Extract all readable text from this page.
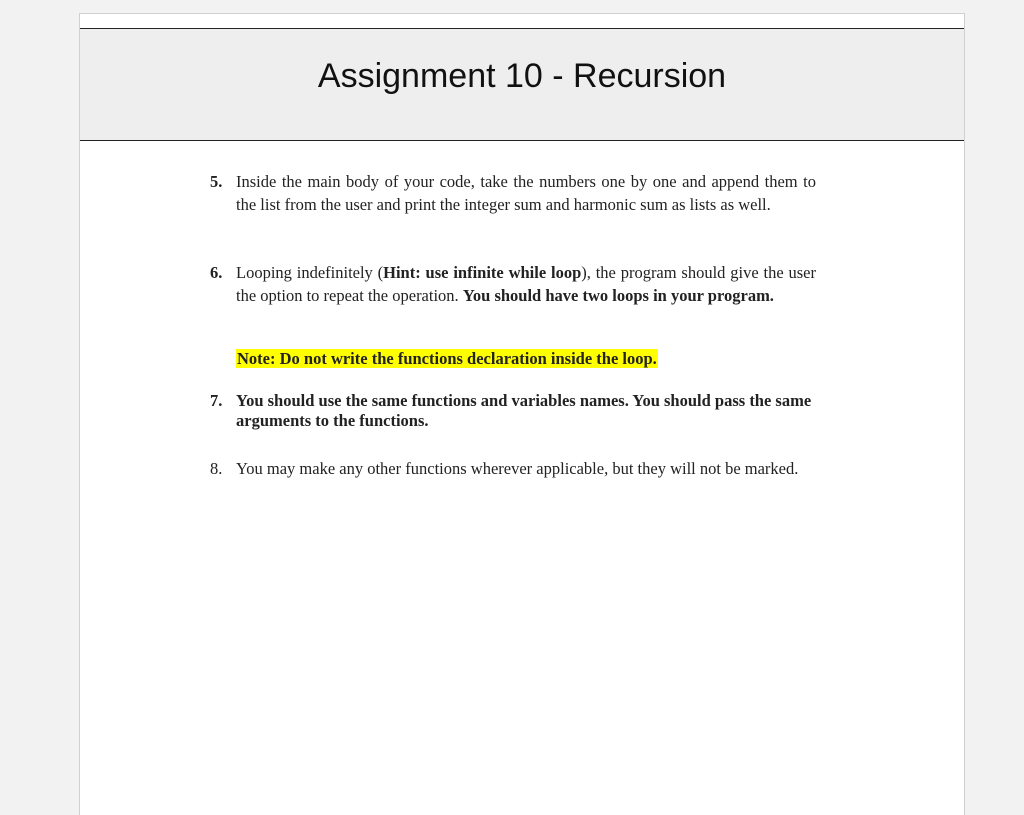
Assignment 10 - Recursion
5. Inside the main body of your code, take the numbers one by one and append them to the list from the user and print the integer sum and harmonic sum as lists as well.
6. Looping indefinitely (Hint: use infinite while loop), the program should give the user the option to repeat the operation. You should have two loops in your program.
Note: Do not write the functions declaration inside the loop.
7. You should use the same functions and variables names. You should pass the same arguments to the functions.
8. You may make any other functions wherever applicable, but they will not be marked.
